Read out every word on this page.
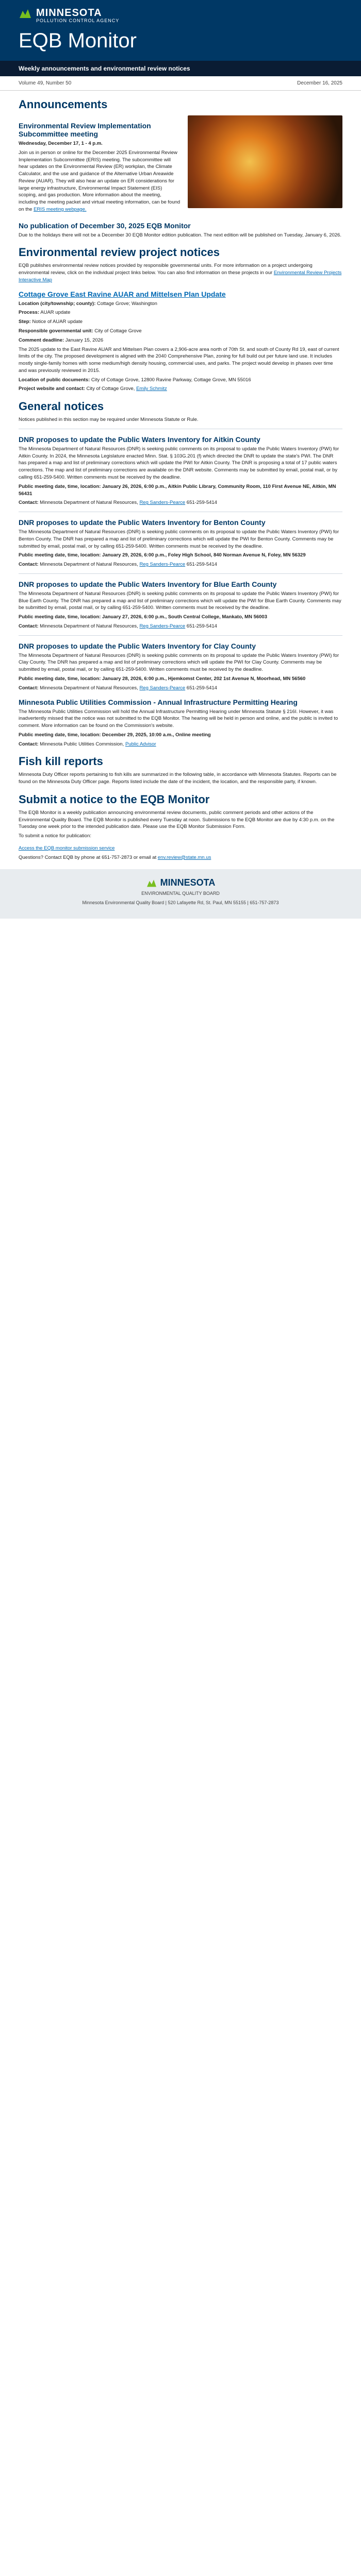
MINNESOTA
POLLUTION CONTROL AGENCY
EQB Monitor
Weekly announcements and environmental review notices
Volume 49, Number 50	December 16, 2025
Announcements
Environmental Review Implementation Subcommittee meeting

Wednesday, December 17, 1 - 4 p.m.

Join us in person or online for the December 2025 Environmental Review Implementation Subcommittee (ERIS) meeting. The subcommittee will hear updates on the Environmental Review (ER) workplan, the Climate Calculator, and the use and guidance of the Alternative Urban Areawide Review (AUAR). They will also hear an update on ER considerations for large energy infrastructure, Environmental Impact Statement (EIS) scoping, and gas production. More information about the meeting, including the meeting packet and virtual meeting information, can be found on the ERIS meeting webpage.

No publication of December 30, 2025 EQB Monitor

Due to the holidays there will not be a December 30 EQB Monitor edition publication. The next edition will be published on Tuesday, January 6, 2026.

Environmental review project notices

EQB publishes environmental review notices provided by responsible governmental units. For more information on a project undergoing environmental review, click on the individual project links below. You can also find information on these projects in our Environmental Review Projects Interactive Map

Cottage Grove East Ravine AUAR and Mittelsen Plan Update

Location (city/township; county): Cottage Grove; Washington

Process: AUAR update

Step: Notice of AUAR update

Responsible governmental unit: City of Cottage Grove

Comment deadline: January 15, 2026

The 2025 update to the East Ravine AUAR and Mittelsen Plan covers a 2,906-acre area north of 70th St. and south of County Rd 19, east of current limits of the city. The proposed development is aligned with the 2040 Comprehensive Plan, zoning for full build out per future land use. It includes mostly single-family homes with some medium/high density housing, commercial uses, and parks. The project would develop in phases over time and was previously reviewed in 2015.

Location of public documents: City of Cottage Grove, 12800 Ravine Parkway, Cottage Grove, MN 55016

Project website and contact: City of Cottage Grove, Emily Schmitz

General notices

Notices published in this section may be required under Minnesota Statute or Rule.

DNR proposes to update the Public Waters Inventory for Aitkin County

The Minnesota Department of Natural Resources (DNR) is seeking public comments on its proposal to update the Public Waters Inventory (PWI) for Aitkin County. In 2024, the Minnesota Legislature enacted Minn. Stat. § 103G.201 (f) which directed the DNR to update the state's PWI. The DNR has prepared a map and list of preliminary corrections which will update the PWI for Aitkin County. The DNR is proposing a total of 17 public waters corrections. The map and list of preliminary corrections are available on the DNR website. Comments may be submitted by email, postal mail, or by calling 651-259-5400. Written comments must be received by the deadline.

Public meeting date, time, location: January 26, 2026, 6:00 p.m., Aitkin Public Library, Community Room, 110 First Avenue NE, Aitkin, MN 56431

Contact: Minnesota Department of Natural Resources, Reg Sanders-Pearce 651-259-5414

DNR proposes to update the Public Waters Inventory for Benton County

The Minnesota Department of Natural Resources (DNR) is seeking public comments on its proposal to update the Public Waters Inventory (PWI) for Benton County. The DNR has prepared a map and list of preliminary corrections which will update the PWI for Benton County. Comments may be submitted by email, postal mail, or by calling 651-259-5400. Written comments must be received by the deadline.

Public meeting date, time, location: January 29, 2026, 6:00 p.m., Foley High School, 840 Norman Avenue N, Foley, MN 56329

Contact: Minnesota Department of Natural Resources, Reg Sanders-Pearce 651-259-5414

DNR proposes to update the Public Waters Inventory for Blue Earth County

The Minnesota Department of Natural Resources (DNR) is seeking public comments on its proposal to update the Public Waters Inventory (PWI) for Blue Earth County. The DNR has prepared a map and list of preliminary corrections which will update the PWI for Blue Earth County. Comments may be submitted by email, postal mail, or by calling 651-259-5400. Written comments must be received by the deadline.

Public meeting date, time, location: January 27, 2026, 6:00 p.m., South Central College, Mankato, MN 56003

Contact: Minnesota Department of Natural Resources, Reg Sanders-Pearce 651-259-5414

DNR proposes to update the Public Waters Inventory for Clay County

The Minnesota Department of Natural Resources (DNR) is seeking public comments on its proposal to update the Public Waters Inventory (PWI) for Clay County. The DNR has prepared a map and list of preliminary corrections which will update the PWI for Clay County. Comments may be submitted by email, postal mail, or by calling 651-259-5400. Written comments must be received by the deadline.

Public meeting date, time, location: January 28, 2026, 6:00 p.m., Hjemkomst Center, 202 1st Avenue N, Moorhead, MN 56560

Contact: Minnesota Department of Natural Resources, Reg Sanders-Pearce 651-259-5414

Minnesota Public Utilities Commission - Annual Infrastructure Permitting Hearing

The Minnesota Public Utilities Commission will hold the Annual Infrastructure Permitting Hearing under Minnesota Statute § 216I. However, it was inadvertently missed that the notice was not submitted to the EQB Monitor. The hearing will be held in person and online, and the public is invited to comment. More information can be found on the Commission's website.

Public meeting date, time, location: December 29, 2025, 10:00 a.m., Online meeting

Contact: Minnesota Public Utilities Commission, Public Advisor

Fish kill reports

Minnesota Duty Officer reports pertaining to fish kills are summarized in the following table, in accordance with Minnesota Statutes. Reports can be found on the Minnesota Duty Officer page. Reports listed include the date of the incident, the location, and the responsible party, if known.

Submit a notice to the EQB Monitor

The EQB Monitor is a weekly publication announcing environmental review documents, public comment periods and other actions of the Environmental Quality Board. The EQB Monitor is published every Tuesday at noon. Submissions to the EQB Monitor are due by 4:30 p.m. on the Tuesday one week prior to the intended publication date. Please use the EQB Monitor Submission Form.

To submit a notice for publication:

Access the EQB monitor submission service

Questions? Contact EQB by phone at 651-757-2873 or email at env.review@state.mn.us

MINNESOTA

ENVIRONMENTAL QUALITY BOARD

Minnesota Environmental Quality Board | 520 Lafayette Rd, St. Paul, MN 55155 | 651-757-2873
